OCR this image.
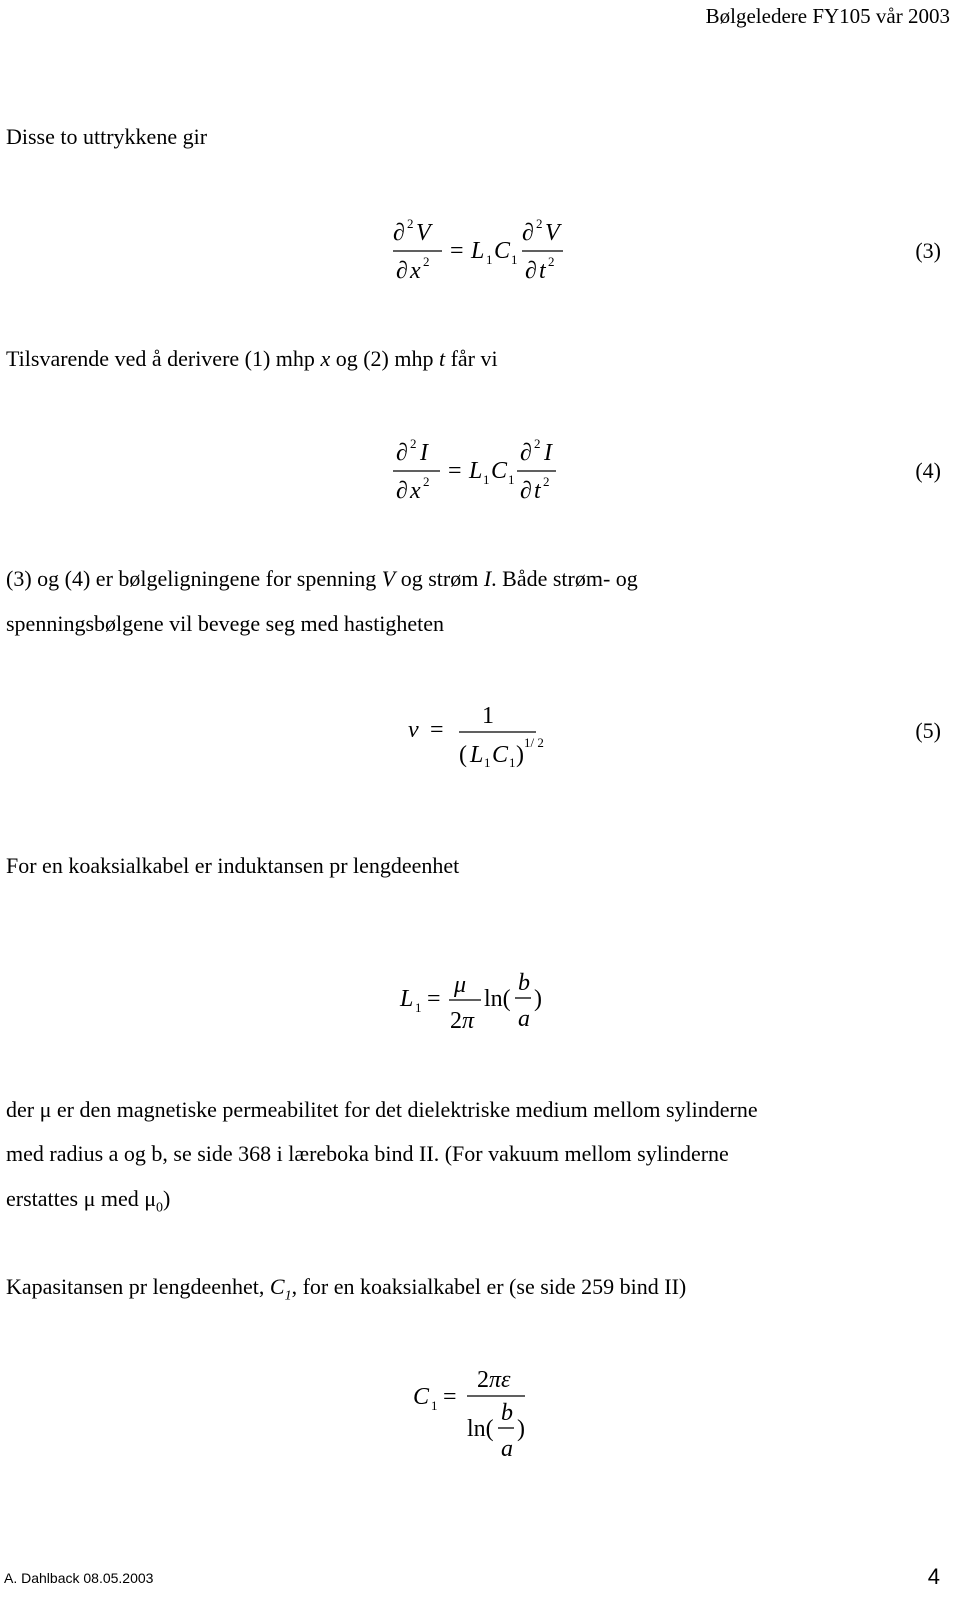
Bølgeledere FY105 vår 2003
Disse to uttrykkene gir
∂ 2 V
∂ x 2 = L 1 C 1
∂ 2 V
∂ t 2	(3)
Tilsvarende ved å derivere (1) mhp x og (2) mhp t får vi
∂ 2 I
∂ x 2 = L 1 C 1
∂ 2 I
∂ t 2	(4)
(3) og (4) er bølgeligningene for spenning V og strøm I. Både strøm- og
spenningsbølgene vil bevege seg med hastigheten
v =
1
( L 1 C 1 ) 1/ 2	(5)
For en koaksialkabel er induktansen pr lengdeenhet
L 1 =
μ
2 π
ln(
b
a
)
der μ er den magnetiske permeabilitet for det dielektriske medium mellom sylinderne
med radius a og b, se side 368 i læreboka bind II. (For vakuum mellom sylinderne
erstattes μ med $\mu_0$)
Kapasitansen pr lengdeenhet, $C_1$, for en koaksialkabel er (se side 259 bind II)
C 1 =
2 πε
ln(
b
a
)
A. Dahlback 08.05.2003	4
